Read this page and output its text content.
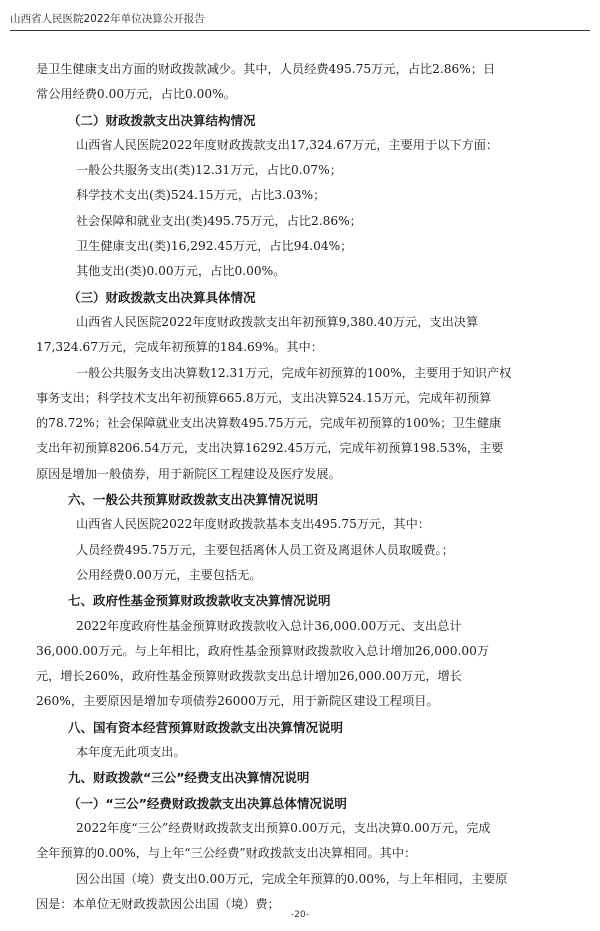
山西省人民医院2022年单位决算公开报告
是卫生健康支出方面的财政拨款减少。其中，人员经费495.75万元，占比2.86%；日
常公用经费0.00万元，占比0.00%。
（二）财政拨款支出决算结构情况
山西省人民医院2022年度财政拨款支出17,324.67万元，主要用于以下方面：
一般公共服务支出(类)12.31万元，占比0.07%；
科学技术支出(类)524.15万元，占比3.03%；
社会保障和就业支出(类)495.75万元，占比2.86%；
卫生健康支出(类)16,292.45万元，占比94.04%；
其他支出(类)0.00万元，占比0.00%。
（三）财政拨款支出决算具体情况
山西省人民医院2022年度财政拨款支出年初预算9,380.40万元，支出决算
17,324.67万元，完成年初预算的184.69%。其中：
一般公共服务支出决算数12.31万元，完成年初预算的100%，主要用于知识产权
事务支出；科学技术支出年初预算665.8万元，支出决算524.15万元，完成年初预算
的78.72%；社会保障就业支出决算数495.75万元，完成年初预算的100%；卫生健康
支出年初预算8206.54万元，支出决算16292.45万元，完成年初预算198.53%，主要
原因是增加一般债券，用于新院区工程建设及医疗发展。
六、一般公共预算财政拨款支出决算情况说明
山西省人民医院2022年度财政拨款基本支出495.75万元，其中：
人员经费495.75万元，主要包括离休人员工资及离退休人员取暖费。；
公用经费0.00万元，主要包括无。
七、政府性基金预算财政拨款收支决算情况说明
2022年度政府性基金预算财政拨款收入总计36,000.00万元、支出总计
36,000.00万元。与上年相比，政府性基金预算财政拨款收入总计增加26,000.00万
元，增长260%，政府性基金预算财政拨款支出总计增加26,000.00万元，增长
260%，主要原因是增加专项债券26000万元，用于新院区建设工程项目。
八、国有资本经营预算财政拨款支出决算情况说明
本年度无此项支出。
九、财政拨款“三公”经费支出决算情况说明
（一）“三公”经费财政拨款支出决算总体情况说明
2022年度“三公”经费财政拨款支出预算0.00万元，支出决算0.00万元，完成
全年预算的0.00%，与上年“三公经费”财政拨款支出决算相同。其中：
因公出国（境）费支出0.00万元，完成全年预算的0.00%，与上年相同，主要原
因是：本单位无财政拨款因公出国（境）费；
-20-
